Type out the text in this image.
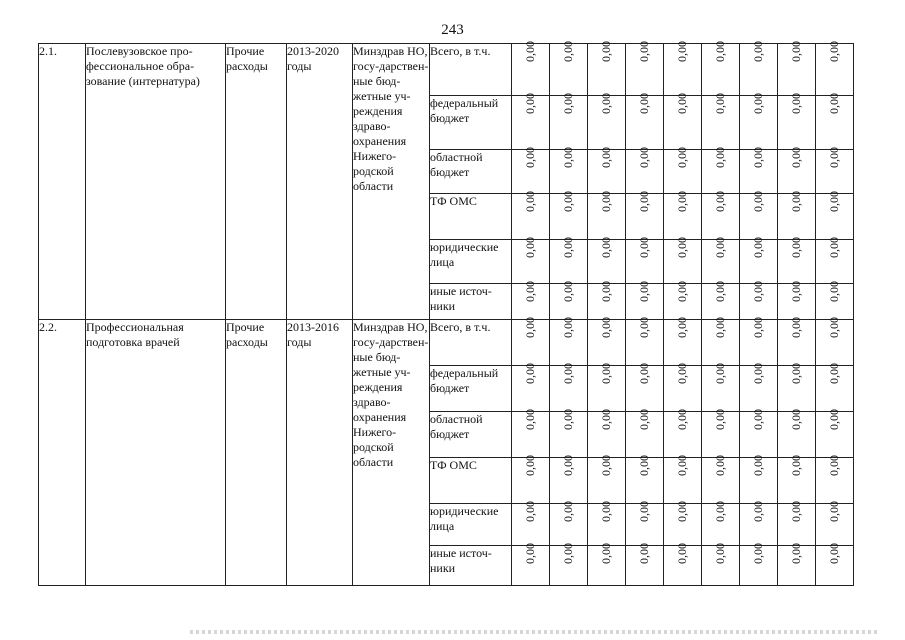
243
2.1.	Послевузовское про-фессиональное обра-зование (интернатура)	Прочие расходы	2013-2020 годы	Минздрав НО, госу-дарствен-ные бюд-жетные уч-реждения здраво-охранения Нижего-родской области	Всего, в т.ч.	0,00	0,00	0,00	0,00	0,00	0,00	0,00	0,00	0,00
					федеральный бюджет	0,00	0,00	0,00	0,00	0,00	0,00	0,00	0,00	0,00
					областной бюджет	0,00	0,00	0,00	0,00	0,00	0,00	0,00	0,00	0,00
					ТФ ОМС	0,00	0,00	0,00	0,00	0,00	0,00	0,00	0,00	0,00
					юридические лица	0,00	0,00	0,00	0,00	0,00	0,00	0,00	0,00	0,00
					иные источ-ники	0,00	0,00	0,00	0,00	0,00	0,00	0,00	0,00	0,00
2.2.	Профессиональная подготовка врачей	Прочие расходы	2013-2016 годы	Минздрав НО, госу-дарствен-ные бюд-жетные уч-реждения здраво-охранения Нижего-родской области	Всего, в т.ч.	0,00	0,00	0,00	0,00	0,00	0,00	0,00	0,00	0,00
					федеральный бюджет	0,00	0,00	0,00	0,00	0,00	0,00	0,00	0,00	0,00
					областной бюджет	0,00	0,00	0,00	0,00	0,00	0,00	0,00	0,00	0,00
					ТФ ОМС	0,00	0,00	0,00	0,00	0,00	0,00	0,00	0,00	0,00
					юридические лица	0,00	0,00	0,00	0,00	0,00	0,00	0,00	0,00	0,00
					иные источ-ники	0,00	0,00	0,00	0,00	0,00	0,00	0,00	0,00	0,00
